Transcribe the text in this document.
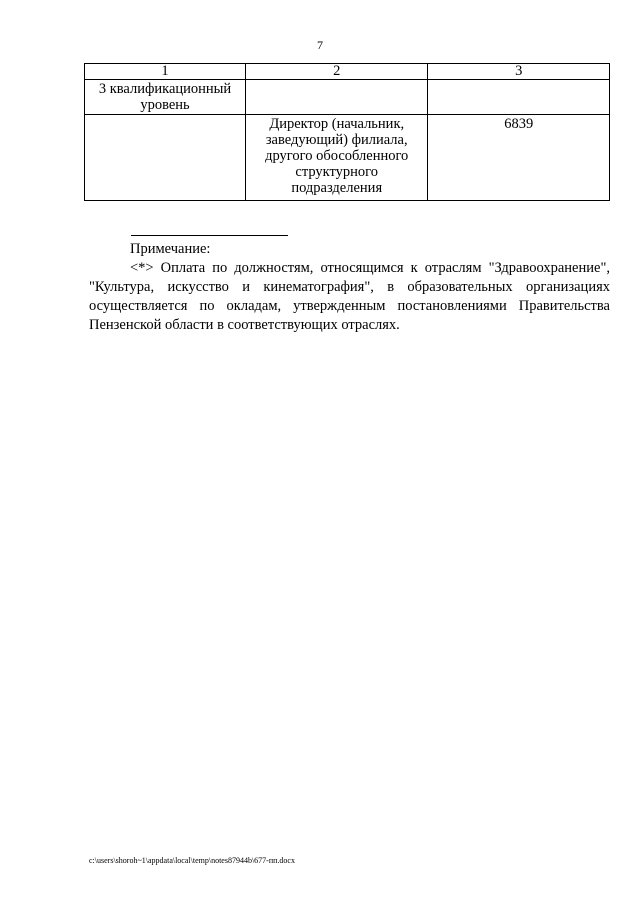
7
1	2	3
3 квалификационный уровень		
	Директор (начальник, заведующий) филиала, другого обособленного структурного подразделения	6839

Примечание:

<*> Оплата по должностям, относящимся к отраслям "Здравоохранение", "Культура, искусство и кинематография", в образовательных организациях осуществляется по окладам, утвержденным постановлениями Правительства Пензенской области в соответствующих отраслях.

c:\users\shoroh~1\appdata\local\temp\notes87944b\677-пп.docx
